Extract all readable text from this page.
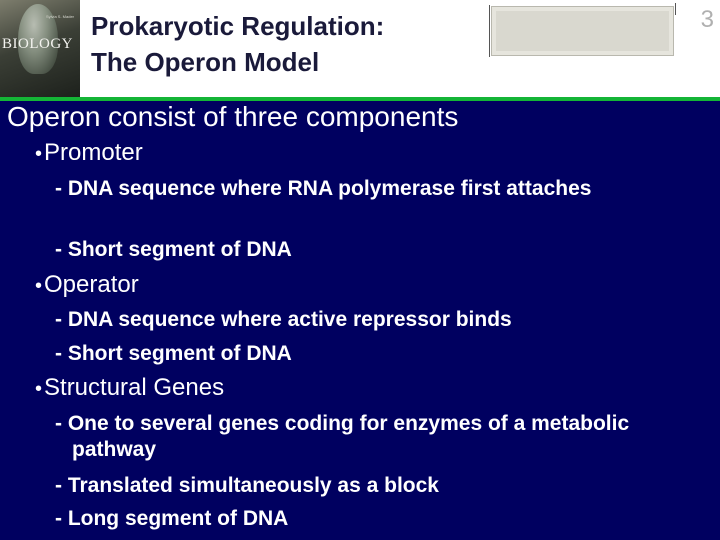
Sylvia S. Mader
BIOLOGY
Prokaryotic Regulation:
The Operon Model
3
Operon consist of three components
•Promoter
- DNA sequence where RNA polymerase first attaches
- Short segment of DNA
•Operator
- DNA sequence where active repressor binds
- Short segment of DNA
•Structural Genes
- One to several genes coding for enzymes of a metabolic pathway
- Translated simultaneously as a block
- Long segment of DNA
